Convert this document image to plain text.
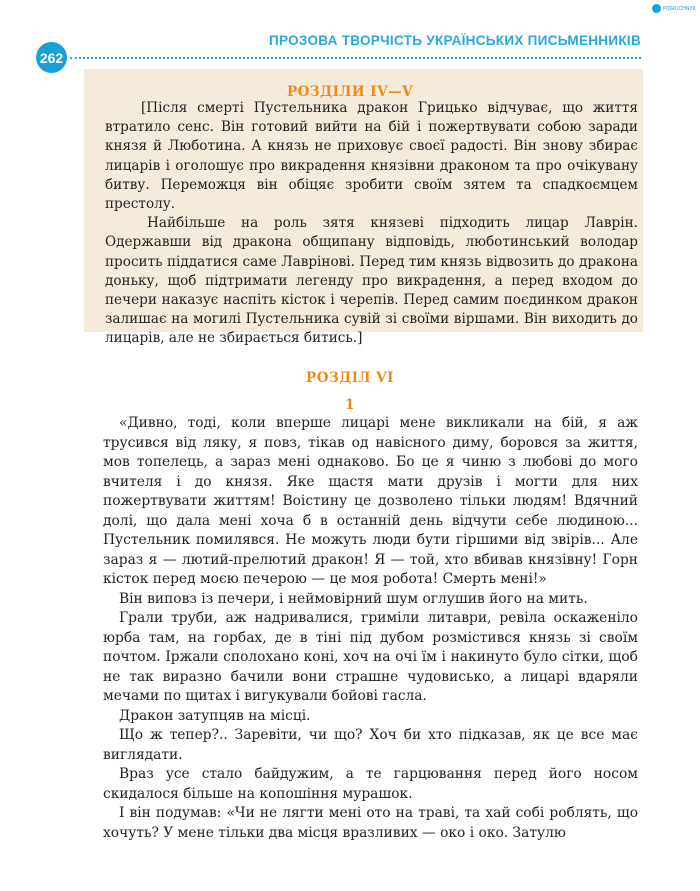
PIDRUCHNYK
262
ПРОЗОВА ТВОРЧІСТЬ УКРАЇНСЬКИХ ПИСЬМЕННИКІВ
РОЗДІЛИ IV—V

[Після смерті Пустельника дракон Грицько відчуває, що життя втратило сенс. Він готовий вийти на бій і пожертвувати собою заради князя й Люботина. А князь не приховує своєї радості. Він знову збирає лицарів і оголошує про викрадення князівни драконом та про очікувану битву. Переможця він обіцяє зробити своїм зятем та спадкоємцем престолу.

Найбільше на роль зятя князеві підходить лицар Лаврін. Одержавши від дракона общипану відповідь, люботинський володар просить піддатися саме Лаврінові. Перед тим князь відвозить до дракона доньку, щоб підтримати легенду про викрадення, а перед входом до печери наказує наспіть кісток і черепів. Перед самим поєдинком дракон залишає на могилі Пустельника сувій зі своїми віршами. Він виходить до лицарів, але не збирається битись.]

РОЗДІЛ VI
1

«Дивно, тоді, коли вперше лицарі мене викликали на бій, я аж трусився від ляку, я повз, тікав од навісного диму, боровся за життя, мов топелець, а зараз мені однаково. Бо це я чиню з любові до мого вчителя і до князя. Яке щастя мати друзів і могти для них пожертвувати життям! Воістину це дозволено тільки людям! Вдячний долі, що дала мені хоча б в останній день відчути себе людиною... Пустельник помилявся. Не можуть люди бути гіршими від звірів... Але зараз я — лютий-прелютий дракон! Я — той, хто вбивав князівну! Горн кісток перед моєю печерою — це моя робота! Смерть мені!»

Він виповз із печери, і неймовірний шум оглушив його на мить.

Грали труби, аж надривалися, гриміли литаври, ревіла оскаженіло юрба там, на горбах, де в тіні під дубом розмістився князь зі своїм почтом. Іржали сполохано коні, хоч на очі їм і накинуто було сітки, щоб не так виразно бачили вони страшне чудовисько, а лицарі вдаряли мечами по щитах і вигукували бойові гасла.

Дракон затупцяв на місці.

Що ж тепер?.. Заревіти, чи що? Хоч би хто підказав, як це все має виглядати.

Враз усе стало байдужим, а те гарцювання перед його носом скидалося більше на копошіння мурашок.

І він подумав: «Чи не лягти мені ото на траві, та хай собі роблять, що хочуть? У мене тільки два місця вразливих — око і око. Затулю
